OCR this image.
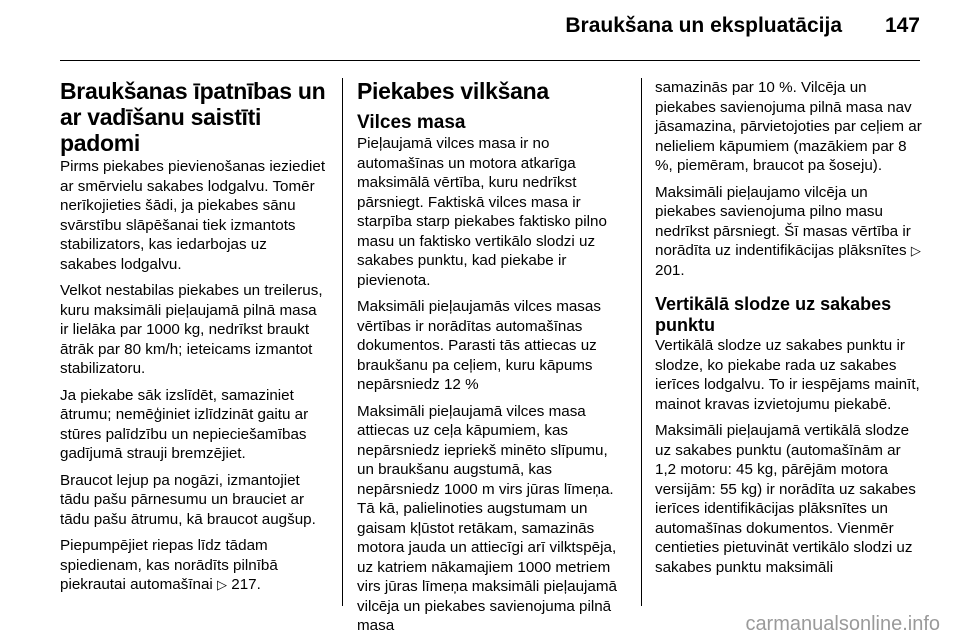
Braukšana un ekspluatācija 147
Braukšanas īpatnības un ar vadīšanu saistīti padomi

Pirms piekabes pievienošanas ieziediet ar smērvielu sakabes lodgalvu. Tomēr nerīkojieties šādi, ja piekabes sānu svārstību slāpēšanai tiek izmantots stabilizators, kas iedarbojas uz sakabes lodgalvu.

Velkot nestabilas piekabes un treilerus, kuru maksimāli pieļaujamā pilnā masa ir lielāka par 1000 kg, nedrīkst braukt ātrāk par 80 km/h; ieteicams izmantot stabilizatoru.

Ja piekabe sāk izslīdēt, samaziniet ātrumu; nemēģiniet izlīdzināt gaitu ar stūres palīdzību un nepieciešamības gadījumā strauji bremzējiet.

Braucot lejup pa nogāzi, izmantojiet tādu pašu pārnesumu un brauciet ar tādu pašu ātrumu, kā braucot augšup.

Piepumpējiet riepas līdz tādam spiedienam, kas norādīts pilnībā piekrautai automašīnai ▷ 217.

Piekabes vilkšana
Vilces masa

Pieļaujamā vilces masa ir no automašīnas un motora atkarīga maksimālā vērtība, kuru nedrīkst pārsniegt. Faktiskā vilces masa ir starpība starp piekabes faktisko pilno masu un faktisko vertikālo slodzi uz sakabes punktu, kad piekabe ir pievienota.

Maksimāli pieļaujamās vilces masas vērtības ir norādītas automašīnas dokumentos. Parasti tās attiecas uz braukšanu pa ceļiem, kuru kāpums nepārsniedz 12 %

Maksimāli pieļaujamā vilces masa attiecas uz ceļa kāpumiem, kas nepārsniedz iepriekš minēto slīpumu, un braukšanu augstumā, kas nepārsniedz 1000 m virs jūras līmeņa. Tā kā, palielinoties augstumam un gaisam kļūstot retākam, samazinās motora jauda un attiecīgi arī vilktspēja, uz katriem nākamajiem 1000 metriem virs jūras līmeņa maksimāli pieļaujamā vilcēja un piekabes savienojuma pilnā masa

samazinās par 10 %. Vilcēja un piekabes savienojuma pilnā masa nav jāsamazina, pārvietojoties par ceļiem ar nelieliem kāpumiem (mazākiem par 8 %, piemēram, braucot pa šoseju).

Maksimāli pieļaujamo vilcēja un piekabes savienojuma pilno masu nedrīkst pārsniegt. Šī masas vērtība ir norādīta uz indentifikācijas plāksnītes ▷ 201.

Vertikālā slodze uz sakabes punktu

Vertikālā slodze uz sakabes punktu ir slodze, ko piekabe rada uz sakabes ierīces lodgalvu. To ir iespējams mainīt, mainot kravas izvietojumu piekabē.

Maksimāli pieļaujamā vertikālā slodze uz sakabes punktu (automašīnām ar 1,2 motoru: 45 kg, pārējām motora versijām: 55 kg) ir norādīta uz sakabes ierīces identifikācijas plāksnītes un automašīnas dokumentos. Vienmēr centieties pietuvināt vertikālo slodzi uz sakabes punktu maksimāli

carmanualsonline.info
